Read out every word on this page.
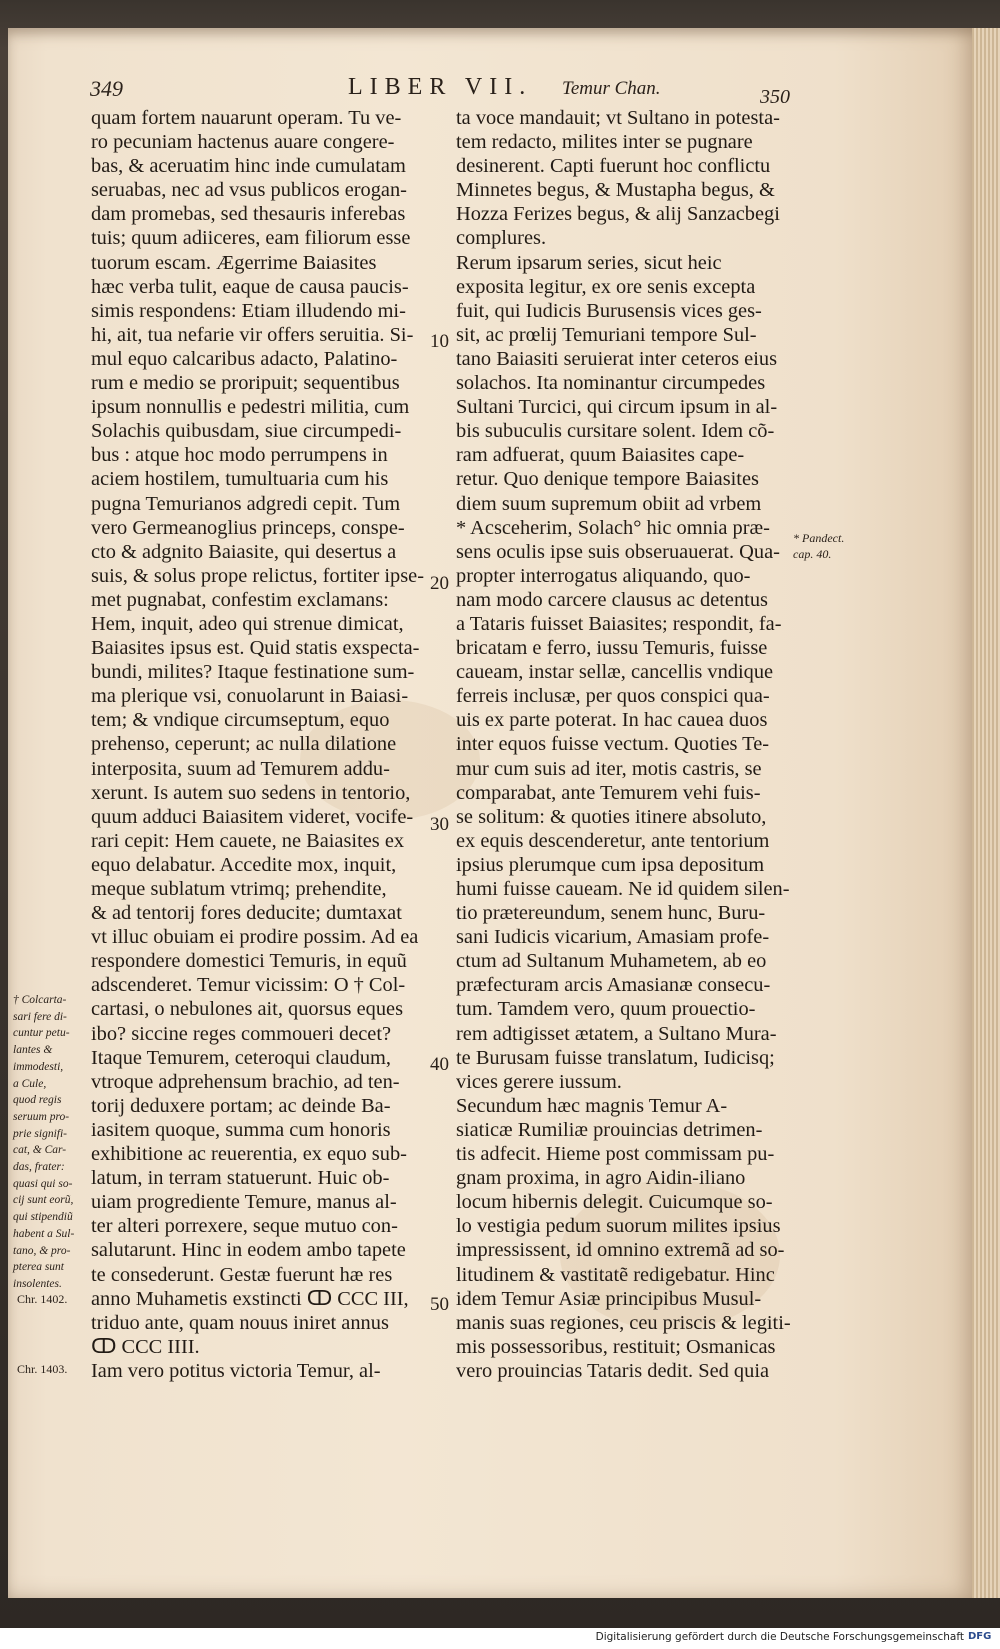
349	LIBER VII. Temur Chan.	350
quam fortem nauarunt operam. Tu ve-
ro pecuniam hactenus auare congere-
bas, & aceruatim hinc inde cumulatam
seruabas, nec ad vsus publicos erogan-
dam promebas, sed thesauris inferebas
tuis; quum adiiceres, eam filiorum esse
tuorum escam. Ægerrime Baiasites
hæc verba tulit, eaque de causa paucis-
simis respondens: Etiam illudendo mi-
hi, ait, tua nefarie vir offers seruitia. Si-
mul equo calcaribus adacto, Palatino-
rum e medio se proripuit; sequentibus
ipsum nonnullis e pedestri militia, cum
Solachis quibusdam, siue circumpedi-
bus : atque hoc modo perrumpens in
aciem hostilem, tumultuaria cum his
pugna Temurianos adgredi cepit. Tum
vero Germeanoglius princeps, conspe-
cto & adgnito Baiasite, qui desertus a
suis, & solus prope relictus, fortiter ipse-
met pugnabat, confestim exclamans:
Hem, inquit, adeo qui strenue dimicat,
Baiasites ipsus est. Quid statis exspecta-
bundi, milites? Itaque festinatione sum-
ma plerique vsi, conuolarunt in Baiasi-
tem; & vndique circumseptum, equo
prehenso, ceperunt; ac nulla dilatione
interposita, suum ad Temurem addu-
xerunt. Is autem suo sedens in tentorio,
quum adduci Baiasitem videret, vocife-
rari cepit: Hem cauete, ne Baiasites ex
equo delabatur. Accedite mox, inquit,
meque sublatum vtrimq; prehendite,
& ad tentorij fores deducite; dumtaxat
vt illuc obuiam ei prodire possim. Ad ea
respondere domestici Temuris, in equũ
adscenderet. Temur vicissim: O † Col-
cartasi, o nebulones ait, quorsus eques
ibo? siccine reges commoueri decet?
Itaque Temurem, ceteroqui claudum,
vtroque adprehensum brachio, ad ten-
torij deduxere portam; ac deinde Ba-
iasitem quoque, summa cum honoris
exhibitione ac reuerentia, ex equo sub-
latum, in terram statuerunt. Huic ob-
uiam progrediente Temure, manus al-
ter alteri porrexere, seque mutuo con-
salutarunt. Hinc in eodem ambo tapete
te consederunt. Gestæ fuerunt hæ res
anno Muhametis exstincti ↀ CCC III,
triduo ante, quam nouus iniret annus
ↀ CCC IIII.
Iam vero potitus victoria Temur, al-
ta voce mandauit; vt Sultano in potesta-
tem redacto, milites inter se pugnare
desinerent. Capti fuerunt hoc conflictu
Minnetes begus, & Mustapha begus, &
Hozza Ferizes begus, & alij Sanzacbegi
complures.
Rerum ipsarum series, sicut heic
exposita legitur, ex ore senis excepta
fuit, qui Iudicis Burusensis vices ges-
sit, ac prœlij Temuriani tempore Sul-
tano Baiasiti seruierat inter ceteros eius
solachos. Ita nominantur circumpedes
Sultani Turcici, qui circum ipsum in al-
bis subuculis cursitare solent. Idem cõ-
ram adfuerat, quum Baiasites cape-
retur. Quo denique tempore Baiasites
diem suum supremum obiit ad vrbem
* Acsceherim, Solach° hic omnia præ-
sens oculis ipse suis obseruauerat. Qua-
propter interrogatus aliquando, quo-
nam modo carcere clausus ac detentus
a Tataris fuisset Baiasites; respondit, fa-
bricatam e ferro, iussu Temuris, fuisse
caueam, instar sellæ, cancellis vndique
ferreis inclusæ, per quos conspici qua-
uis ex parte poterat. In hac cauea duos
inter equos fuisse vectum. Quoties Te-
mur cum suis ad iter, motis castris, se
comparabat, ante Temurem vehi fuis-
se solitum: & quoties itinere absoluto,
ex equis descenderetur, ante tentorium
ipsius plerumque cum ipsa depositum
humi fuisse caueam. Ne id quidem silen-
tio prætereundum, senem hunc, Buru-
sani Iudicis vicarium, Amasiam profe-
ctum ad Sultanum Muhametem, ab eo
præfecturam arcis Amasianæ consecu-
tum. Tamdem vero, quum prouectio-
rem adtigisset ætatem, a Sultano Mura-
te Burusam fuisse translatum, Iudicisq;
vices gerere iussum.
Secundum hæc magnis Temur A-
siaticæ Rumiliæ prouincias detrimen-
tis adfecit. Hieme post commissam pu-
gnam proxima, in agro Aidin-iliano
locum hibernis delegit. Cuicumque so-
lo vestigia pedum suorum milites ipsius
impressissent, id omnino extremã ad so-
litudinem & vastitatẽ redigebatur. Hinc
idem Temur Asiæ principibus Musul-
manis suas regiones, ceu priscis & legiti-
mis possessoribus, restituit; Osmanicas
vero prouincias Tataris dedit. Sed quia
10
20
30
40
50
† Colcarta-
sari fere di-
cuntur petu-
lantes &
immodesti,
a Cule,
quod regis
seruum pro-
prie signifi-
cat, & Car-
das, frater:
quasi qui so-
cij sunt eorũ,
qui stipendiũ
habent a Sul-
tano, & pro-
pterea sunt
insolentes.
Chr. 1402.
Chr. 1403.
* Pandect.
cap. 40.
Digitalisierung gefördert durch die Deutsche Forschungsgemeinschaft DFG
